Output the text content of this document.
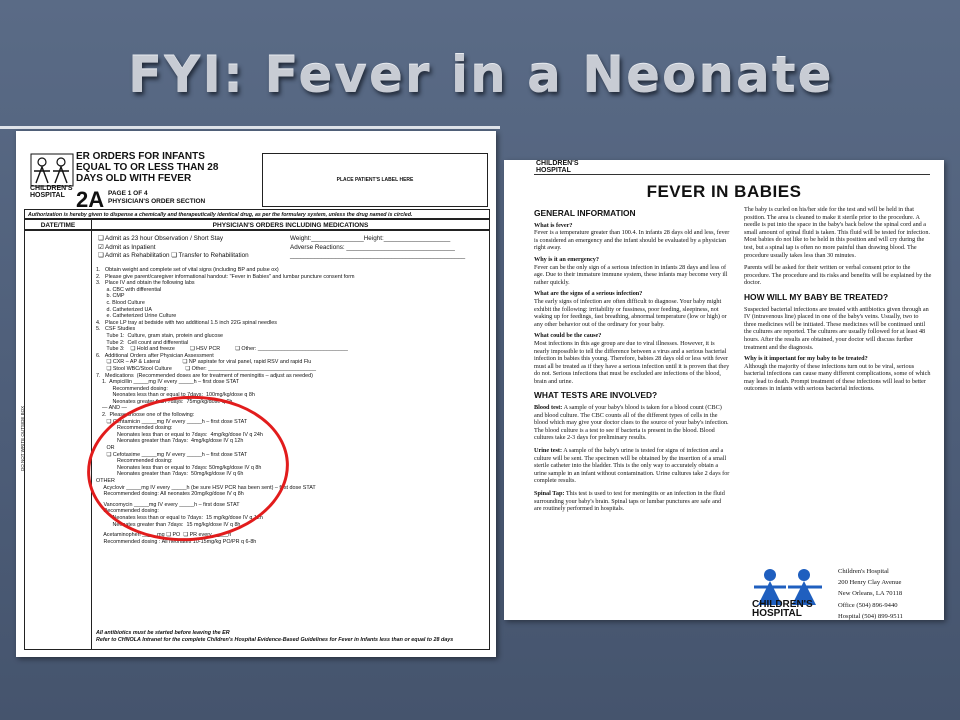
FYI: Fever in a Neonate
CHILDREN'S HOSPITAL
ER ORDERS FOR INFANTS EQUAL TO OR LESS THAN 28 DAYS OLD WITH FEVER
2A PAGE 1 OF 4
PHYSICIAN'S ORDER SECTION
PLACE PATIENT'S LABEL HERE
Authorization is hereby given to dispense a chemically and therapeutically identical drug, as per the formulary system, unless the drug named is circled.
DATE/TIME	PHYSICIAN'S ORDERS INCLUDING MEDICATIONS
DO NOT WRITE OUTSIDE BOX
❏ Admit as 23 hour Observation / Short Stay
☑ Admit as Inpatient
❏ Admit as Rehabilitation ❏ Transfer to Rehabilitation
Weight:_______________Height:___________________
Adverse Reactions: _______________________________
__________________________________________________
1.   Obtain weight and complete set of vital signs (including BP and pulse ox)
2.   Please give parent/caregiver informational handout: "Fever in Babies" and lumbar puncture consent form
3.   Place IV and obtain the following labs
a. CBC with differential
b. CMP
c. Blood Culture
d. Catheterized UA
e. Catheterized Urine Culture
4.   Place LP tray at bedside with two additional 1.5 inch 22G spinal needles
5.   CSF Studies
Tube 1:  Culture, gram stain, protein and glucose
Tube 2:  Cell count and differential
Tube 3:    ❏ Hold and freeze          ❏ HSV PCR          ❏ Other: ______________________________
6.   Additional Orders after Physician Assessment
❏ CXR – AP & Lateral               ❏ NP aspirate for viral panel, rapid RSV and rapid Flu
❏ Stool WBC/Stool Culture         ❏ Other: ____________________________________
7.   Medications  (Recommended doses are for treatment of meningitis – adjust as needed)
1.  Ampicillin _____mg IV every _____h – first dose STAT
Recommended dosing:
Neonates less than or equal to 7days:  100mg/kg/dose q 8h
Neonates greater than 7days:  75mg/kg/dose q 6h
— AND —
2.  Please choose one of the following:
❏ Gentamicin _____mg IV every _____h – first dose STAT
Recommended dosing:
Neonates less than or equal to 7days:  4mg/kg/dose IV q 24h
Neonates greater than 7days:  4mg/kg/dose IV q 12h
OR
❏ Cefotaxime _____mg IV every _____h – first dose STAT
Recommended dosing:
Neonates less than or equal to 7days: 50mg/kg/dose IV q 8h
Neonates greater than 7days:  50mg/kg/dose IV q 6h
OTHER
Acyclovir _____mg IV every _____h (be sure HSV PCR has been sent) – first dose STAT
Recommended dosing: All neonates 20mg/kg/dose IV q 8h
Vancomycin _____mg IV every _____h – first dose STAT
Recommended dosing:
Neonates less than or equal to 7days:  15 mg/kg/dose IV q 12h
Neonates greater than 7days:  15 mg/kg/dose IV q 8h
Acetaminophen _____mg ❏ PO  ❏ PR every _____h
Recommended dosing : All neonates 10-15mg/kg PO/PR q 6-8h
All antibiotics must be started before leaving the ER
Refer to CHNOLA Intranet for the complete Children's Hospital Evidence-Based Guidelines for Fever in Infants less than or equal to 28 days
CHILDREN'S HOSPITAL
FEVER IN BABIES
GENERAL INFORMATION
What is fever?

Fever is a temperature greater than 100.4. In infants 28 days old and less, fever is considered an emergency and the infant should be evaluated by a physician right away.

Why is it an emergency?

Fever can be the only sign of a serious infection in infants 28 days and less of age. Due to their immature immune system, these infants may become very ill rather quickly.

What are the signs of a serious infection?

The early signs of infection are often difficult to diagnose. Your baby might exhibit the following: irritability or fussiness, poor feeding, sleepiness, not waking up for feedings, fast breathing, abnormal temperature (low or high) or any other behavior out of the ordinary for your baby.

What could be the cause?

Most infections in this age group are due to viral illnesses. However, it is nearly impossible to tell the difference between a virus and a serious bacterial infection in babies this young. Therefore, babies 28 days old or less with fever must all be treated as if they have a serious infection until it is proven that they do not. Serious infections that must be excluded are infections of the blood, brain and urine.

WHAT TESTS ARE INVOLVED?

Blood test: A sample of your baby's blood is taken for a blood count (CBC) and blood culture. The CBC counts all of the different types of cells in the blood which may give your doctor clues to the source of your baby's infection. The blood culture is a test to see if bacteria is present in the blood. Blood cultures take 2-3 days for preliminary results.

Urine test: A sample of the baby's urine is tested for signs of infection and a culture will be sent. The specimen will be obtained by the insertion of a small sterile catheter into the bladder. This is the only way to accurately obtain a urine sample in an infant without contamination. Urine cultures take 2 days for complete results.

Spinal Tap: This test is used to test for meningitis or an infection in the fluid surrounding your baby's brain. Spinal taps or lumbar punctures are safe and are routinely performed in hospitals.

The baby is curled on his/her side for the test and will be held in that position. The area is cleaned to make it sterile prior to the procedure. A needle is put into the space in the baby's back below the spinal cord and a small amount of spinal fluid is taken. This fluid will be tested for infection. Most babies do not like to be held in this position and will cry during the test, but a spinal tap is often no more painful than drawing blood. The procedure usually takes less than 30 minutes.

Parents will be asked for their written or verbal consent prior to the procedure. The procedure and its risks and benefits will be explained by the doctor.

HOW WILL MY BABY BE TREATED?

Suspected bacterial infections are treated with antibiotics given through an IV (intravenous line) placed in one of the baby's veins. Usually, two to three medicines will be initiated. These medicines will be continued until the cultures are reported. The cultures are usually followed for at least 48 hours. After the results are obtained, your doctor will discuss further treatment and the diagnosis.

Why is it important for my baby to be treated?

Although the majority of these infections turn out to be viral, serious bacterial infections can cause many different complications, some of which may lead to death. Prompt treatment of these infections will lead to better outcomes in infants with serious bacterial infections.

CHILDREN'S HOSPITAL
Children's Hospital
200 Henry Clay Avenue
New Orleans, LA 70118
Office (504) 896-9440
Hospital (504) 899-9511
